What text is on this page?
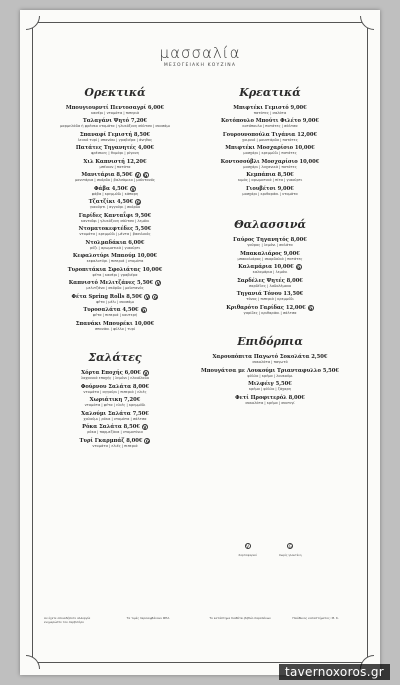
μασσαλία
ΜΕΣΟΓΕΙΑΚΗ ΚΟΥΖΙΝΑ
Ορεκτικά
Μπουγιουρντί Πεντοσαγρί 6,00€
κασέρι | ντομάτα | πιπεριά
Ταλαγάνι Ψητό 7,20€
μαρμελάδα ή φρέσκο ντομάτα | γλυκόξυνη σάλτσα | σουσάμι
Σπαναφί Γεμιστή 8,50€
λευκό τυρί | σπανάκι | γραβιέρα | άνηθος
Πατάτες Τηγανητές 4,00€
φρέσκιες | θυμάρι | ρίγανη
Χιλ Καπνιστή 12,20€
μπέικον | πατάτα
Μανιτάρια 8,50€ V	G
μανιτάρια | σκόρδο | βαλσάμικο | μαϊντανός
Φάβα 4,50€ V
φάβα | κρεμμύδι | κάπαρη
Τζατζίκι 4,50€ G
γιαούρτι | αγγούρι | σκόρδο
Γαρίδες Κανταΐφι 9,50€
κανταΐφι | γλυκόξυνη σάλτσα | λεμόνι
Ντοματοκεφτέδες 5,50€
ντομάτα | κρεμμύδι | μέντα | βασιλικός
Ντολμαδάκια 6,00€
ρύζι | αρωματικά | γιαούρτι
Κεφαλοτύρι Μπαούμ 10,00€
κεφαλοτύρι | πιπεριά | ντομάτα
Τυροπιτάκια Σφολιάτας 10,00€
φέτα | κασέρι | γραβιέρα
Καπνιστό Μελιτζάνες 5,50€ V
μελιτζάνα | σκόρδο | μαϊντανός
Φέτα Spring Rolls 8,50€ V	G
φέτα | μέλι | σουσάμι
Τυροσαλάτα 4,50€ G
φέτα | πιπεριά | καυτερή
Σπανάκι Μπουρέκι 10,00€
σπανάκι | φύλλο | τυρί
Σαλάτες
Χόρτα Εποχής 6,00€ V
λαχανικά εποχής | λεμόνι | ελαιόλαδο
Φούρνου Σαλάτα 8,00€
ντομάτα | αγγούρι | πιπεριά | ελιές
Χωριάτικη 7,20€
ντομάτα | φέτα | ελιές | κρεμμύδι
Χαλούμι Σαλάτα 7,50€
χαλούμι | ρόκα | ντομάτα | σάλτσα
Ρόκα Σαλάτα 8,50€ V
ρόκα | παρμεζάνα | ντοματίνια
Τυρί Γκαρμπάζ 8,00€ G
ντομάτα | ελιές | πιπεριά
Κρεατικά
Μπιφτέκι Γεμιστό 9,00€
πατάτες | σαλάτα
Κοτόπουλο Μπούτι Φιλέτο 9,00€
κοτόπουλο | πατάτες | σάλτσα
Γουρουνοπούλα Τιγάνια 12,00€
χοιρινό | μουστάρδα | πατάτες
Μπιφτέκι Μοσχαρίσιο 10,00€
μοσχάρι | κρεμμύδι | πατάτες
Κοντοσούβλι Μοσχαρίσιο 10,00€
μοσχάρι | λαχανικά | πατάτες
Κεμπάπια 8,50€
κιμάς | αρωματικά | πίτα | γιαούρτι
Γιουβέτσι 9,00€
μοσχάρι | κριθαράκι | ντομάτα
Θαλασσινά
Γαύρος Τηγανητός 8,00€
γαύρος | λεμόνι | σαλάτα
Μπακαλιάρος 9,00€
μπακαλιάρος | σκορδαλιά | πατάτες
Καλαμάρια 10,00€ G
καλαμάρια | λεμόνι
Σαρδέλες Ψητές 8,00€
σαρδέλες | λαδολέμονο
Τηγανιά Τόνου 13,50€
τόνος | πιπεριά | κρεμμύδι
Κριθαρότο Γαρίδας 12,00€ G
γαρίδες | κριθαράκι | σάλτσα
Επιδόρπια
Χαρουπόπιτα Παγωτό Σοκολάτα 2,50€
σοκολάτα | παγωτό
Μπουγάτσα με Λουκούμι Τριανταφυλλο 5,50€
φύλλο | κρέμα | λουκούμι
Μιλφέιγ 5,50€
κρέμα | φύλλο | ζάχαρη
Φετί Προφιτερόλ 8,00€
σοκολάτα | κρέμα | σαντιγί
V
Χορτοφαγικό
G
Χωρίς γλουτένη
Αν έχετε οποιαδήποτε αλλεργία ενημερώστε τον σερβιτόρο
Τα τιμές περιλαμβάνουν ΦΠΑ	Το κατάστημα διαθέτει βιβλίο παραπόνων	Υπεύθυνος καταστήματος: Μ. Κ.
tavernoxoros.gr
